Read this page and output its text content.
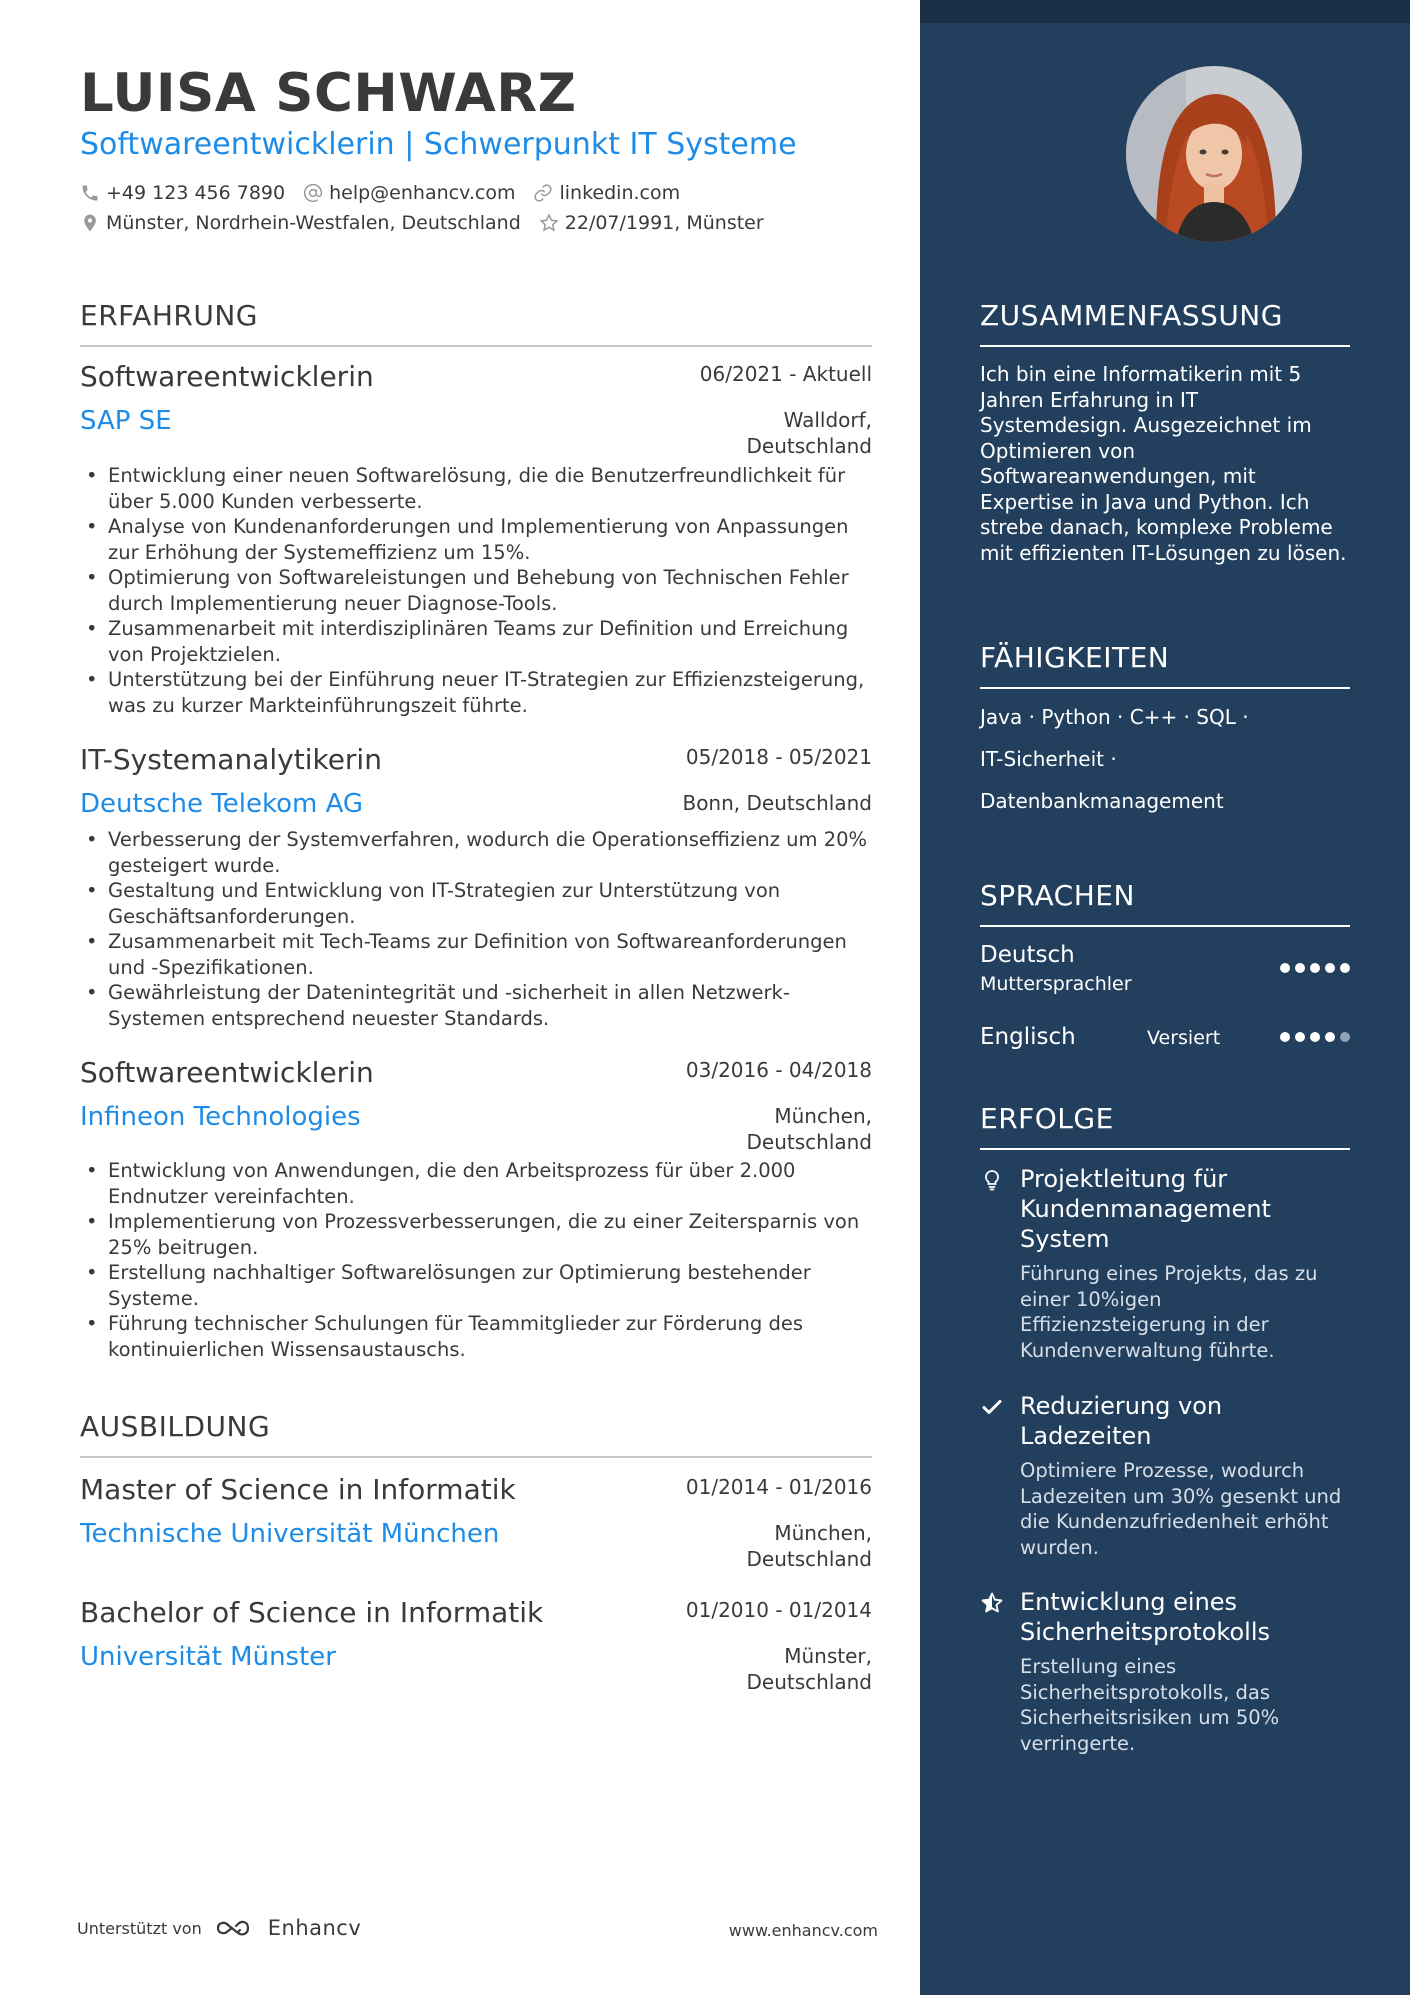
LUISA SCHWARZ
Softwareentwicklerin | Schwerpunkt IT Systeme
+49 123 456 7890 help@enhancv.com linkedin.com
Münster, Nordrhein-Westfalen, Deutschland 22/07/1991, Münster
ERFAHRUNG
Softwareentwicklerin	06/2021 - Aktuell
SAP SE	Walldorf,
Deutschland
• Entwicklung einer neuen Softwarelösung, die die Benutzerfreundlichkeit für über 5.000 Kunden verbesserte.
• Analyse von Kundenanforderungen und Implementierung von Anpassungen zur Erhöhung der Systemeffizienz um 15%.
• Optimierung von Softwareleistungen und Behebung von Technischen Fehler durch Implementierung neuer Diagnose-Tools.
• Zusammenarbeit mit interdisziplinären Teams zur Definition und Erreichung von Projektzielen.
• Unterstützung bei der Einführung neuer IT-Strategien zur Effizienzsteigerung, was zu kurzer Markteinführungszeit führte.
IT-Systemanalytikerin	05/2018 - 05/2021
Deutsche Telekom AG	Bonn, Deutschland
• Verbesserung der Systemverfahren, wodurch die Operationseffizienz um 20% gesteigert wurde.
• Gestaltung und Entwicklung von IT-Strategien zur Unterstützung von Geschäftsanforderungen.
• Zusammenarbeit mit Tech-Teams zur Definition von Softwareanforderungen und -Spezifikationen.
• Gewährleistung der Datenintegrität und -sicherheit in allen Netzwerk-Systemen entsprechend neuester Standards.
Softwareentwicklerin	03/2016 - 04/2018
Infineon Technologies	München,
Deutschland
• Entwicklung von Anwendungen, die den Arbeitsprozess für über 2.000 Endnutzer vereinfachten.
• Implementierung von Prozessverbesserungen, die zu einer Zeitersparnis von 25% beitrugen.
• Erstellung nachhaltiger Softwarelösungen zur Optimierung bestehender Systeme.
• Führung technischer Schulungen für Teammitglieder zur Förderung des kontinuierlichen Wissensaustauschs.
AUSBILDUNG
Master of Science in Informatik	01/2014 - 01/2016
Technische Universität München	München,
Deutschland
Bachelor of Science in Informatik	01/2010 - 01/2014
Universität Münster	Münster,
Deutschland
Unterstützt von	Enhancv	www.enhancv.com
ZUSAMMENFASSUNG
Ich bin eine Informatikerin mit 5 Jahren Erfahrung in IT Systemdesign. Ausgezeichnet im Optimieren von Softwareanwendungen, mit Expertise in Java und Python. Ich strebe danach, komplexe Probleme mit effizienten IT-Lösungen zu lösen.
FÄHIGKEITEN
Java · Python · C++ · SQL ·
IT-Sicherheit ·
Datenbankmanagement
SPRACHEN
Deutsch
Muttersprachler
Englisch	Versiert
ERFOLGE
Projektleitung für Kundenmanagement System
Führung eines Projekts, das zu einer 10%igen Effizienzsteigerung in der Kundenverwaltung führte.
Reduzierung von Ladezeiten
Optimiere Prozesse, wodurch Ladezeiten um 30% gesenkt und die Kundenzufriedenheit erhöht wurden.
Entwicklung eines Sicherheitsprotokolls
Erstellung eines Sicherheitsprotokolls, das Sicherheitsrisiken um 50% verringerte.
